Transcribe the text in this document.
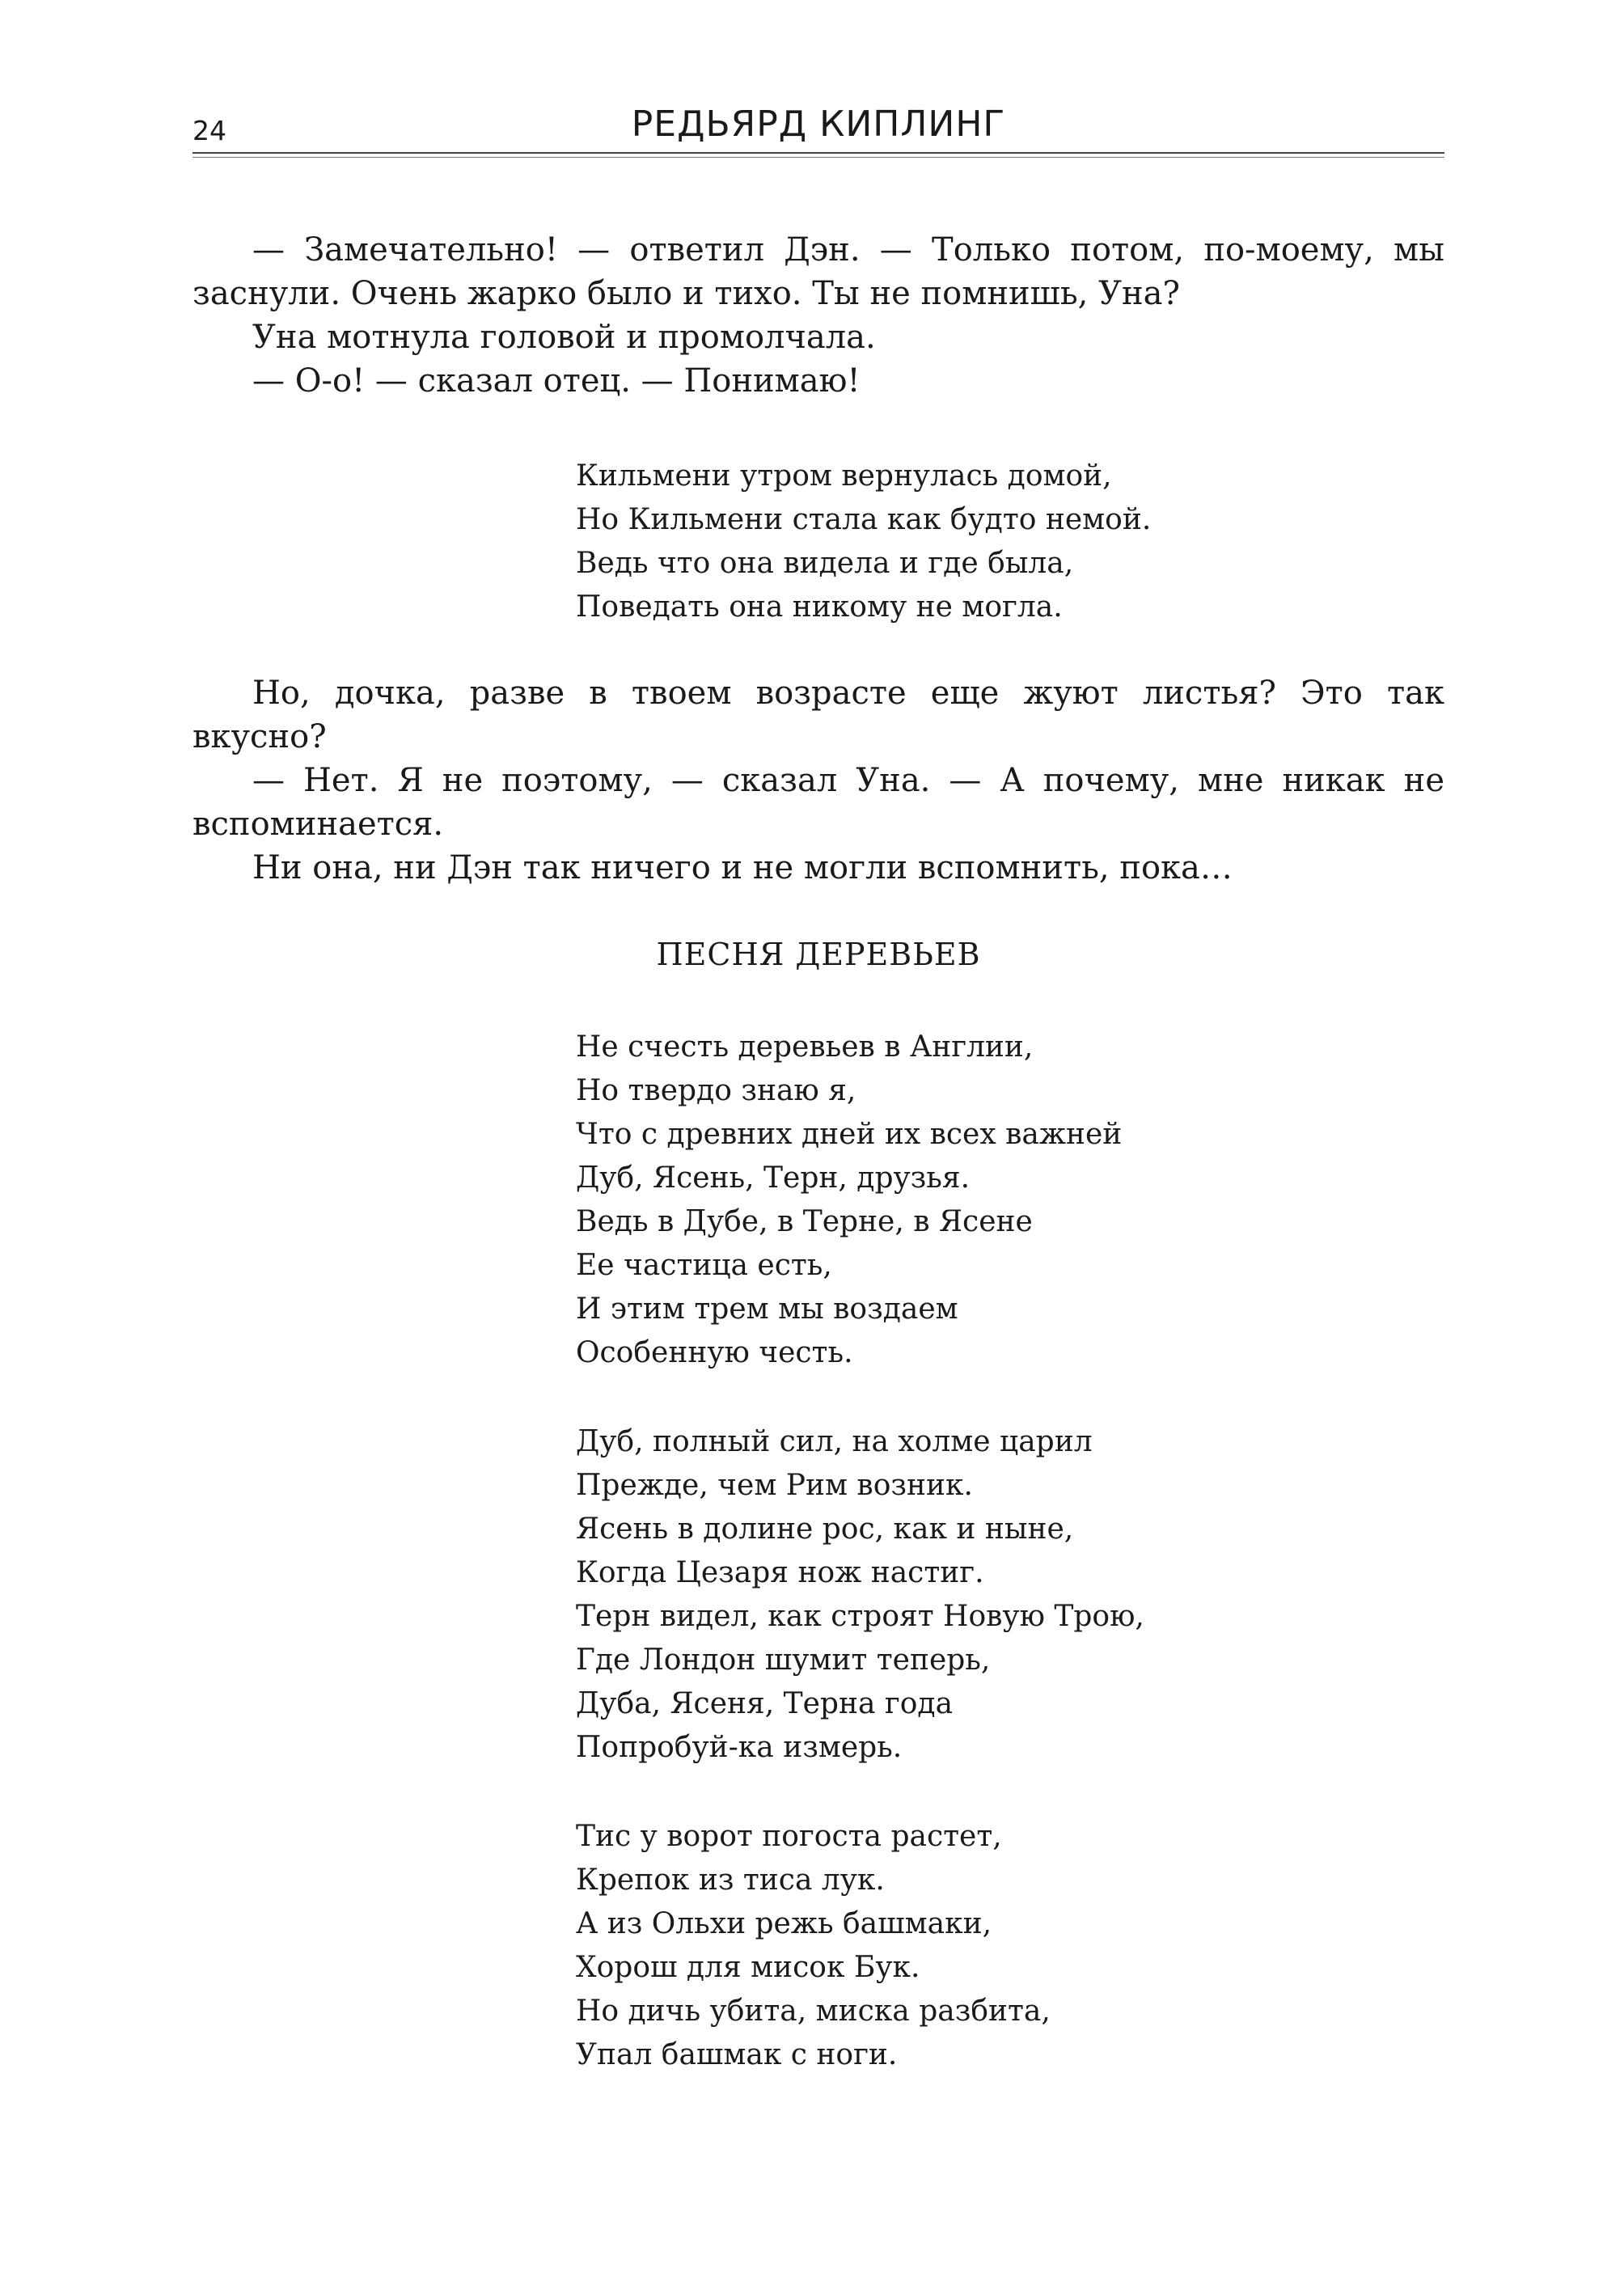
24	РЕДЬЯРД КИПЛИНГ

— Замечательно! — ответил Дэн. — Только потом, по-моему, мы заснули. Очень жарко было и тихо. Ты не помнишь, Уна?

Уна мотнула головой и промолчала.

— О-о! — сказал отец. — Понимаю!

Кильмени утром вернулась домой,
Но Кильмени стала как будто немой.
Ведь что она видела и где была,
Поведать она никому не могла.

Но, дочка, разве в твоем возрасте еще жуют листья? Это так вкусно?

— Нет. Я не поэтому, — сказал Уна. — А почему, мне никак не вспоминается.

Ни она, ни Дэн так ничего и не могли вспомнить, пока…

ПЕСНЯ ДЕРЕВЬЕВ
Не счесть деревьев в Англии,
Но твердо знаю я,
Что с древних дней их всех важней
Дуб, Ясень, Терн, друзья.
Ведь в Дубе, в Терне, в Ясене
Ее частица есть,
И этим трем мы воздаем
Особенную честь.
Дуб, полный сил, на холме царил
Прежде, чем Рим возник.
Ясень в долине рос, как и ныне,
Когда Цезаря нож настиг.
Терн видел, как строят Новую Трою,
Где Лондон шумит теперь,
Дуба, Ясеня, Терна года
Попробуй-ка измерь.
Тис у ворот погоста растет,
Крепок из тиса лук.
А из Ольхи режь башмаки,
Хорош для мисок Бук.
Но дичь убита, миска разбита,
Упал башмак с ноги.
